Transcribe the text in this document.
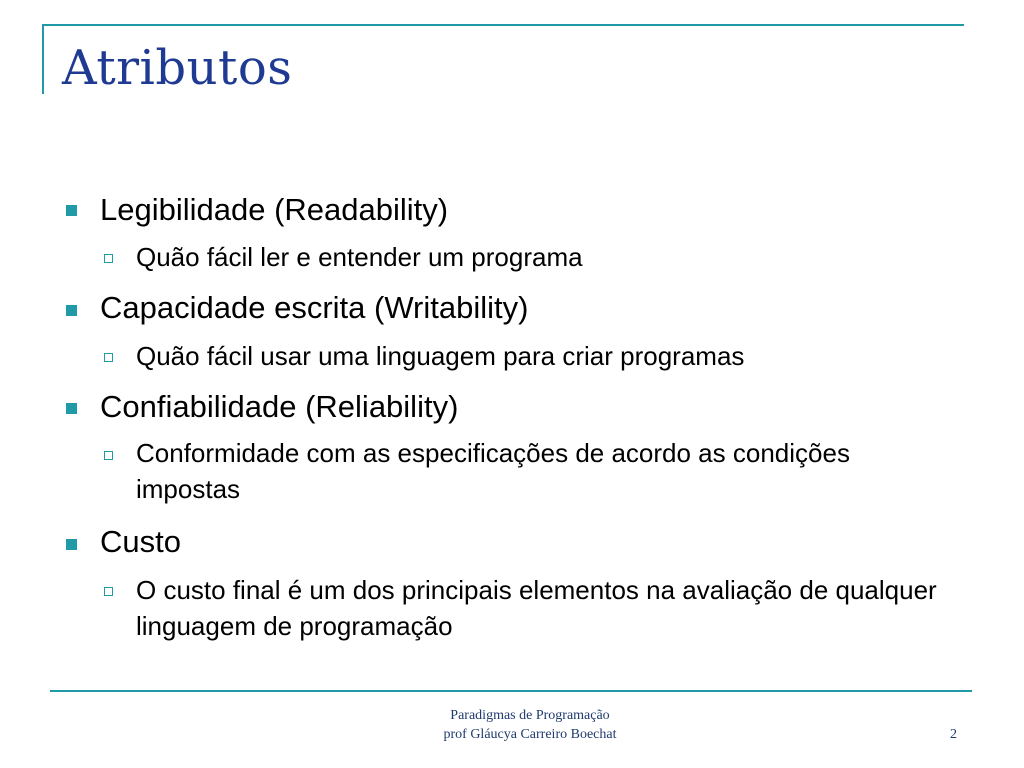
Atributos
Legibilidade (Readability)
Quão fácil ler e entender um programa
Capacidade escrita (Writability)
Quão fácil usar uma linguagem para criar programas
Confiabilidade (Reliability)
Conformidade com as especificações de acordo as condições impostas
Custo
O custo final é um dos principais elementos na avaliação de qualquer linguagem de programação
Paradigmas de Programação
prof Gláucya Carreiro Boechat	2
